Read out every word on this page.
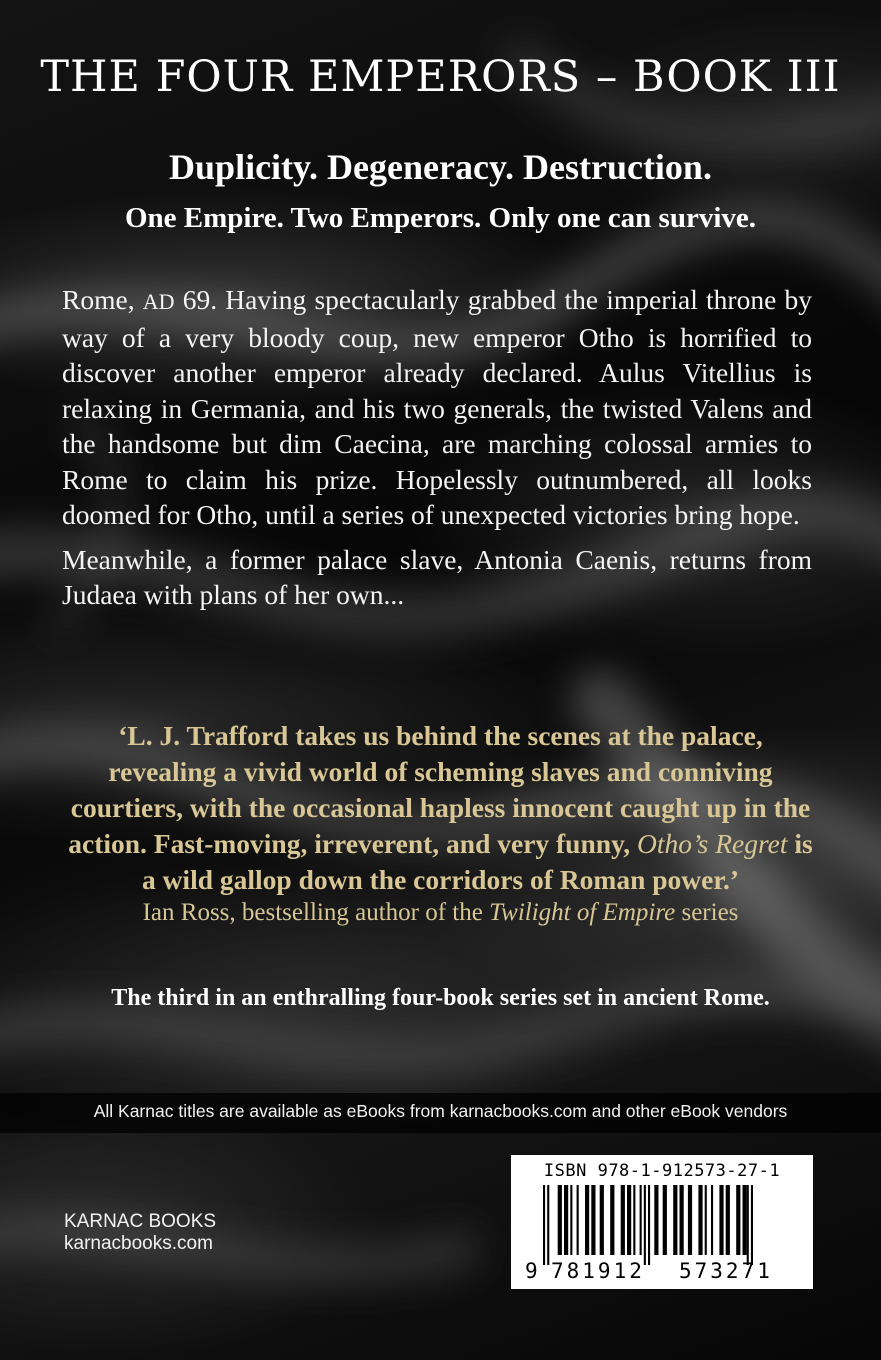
THE FOUR EMPERORS – BOOK III
Duplicity. Degeneracy. Destruction.
One Empire. Two Emperors. Only one can survive.

Rome, AD 69. Having spectacularly grabbed the imperial throne by way of a very bloody coup, new emperor Otho is horrified to discover another emperor already declared. Aulus Vitellius is relaxing in Germania, and his two generals, the twisted Valens and the handsome but dim Caecina, are marching colossal armies to Rome to claim his prize. Hopelessly outnumbered, all looks doomed for Otho, until a series of unexpected victories bring hope.

Meanwhile, a former palace slave, Antonia Caenis, returns from Judaea with plans of her own...

‘L. J. Trafford takes us behind the scenes at the palace, revealing a vivid world of scheming slaves and conniving courtiers, with the occasional hapless innocent caught up in the action. Fast-moving, irreverent, and very funny, Otho’s Regret is a wild gallop down the corridors of Roman power.’
Ian Ross, bestselling author of the Twilight of Empire series
The third in an enthralling four-book series set in ancient Rome.
All Karnac titles are available as eBooks from karnacbooks.com and other eBook vendors
KARNAC BOOKS
karnacbooks.com
ISBN 978-1-912573-27-1
9 781912 573271
